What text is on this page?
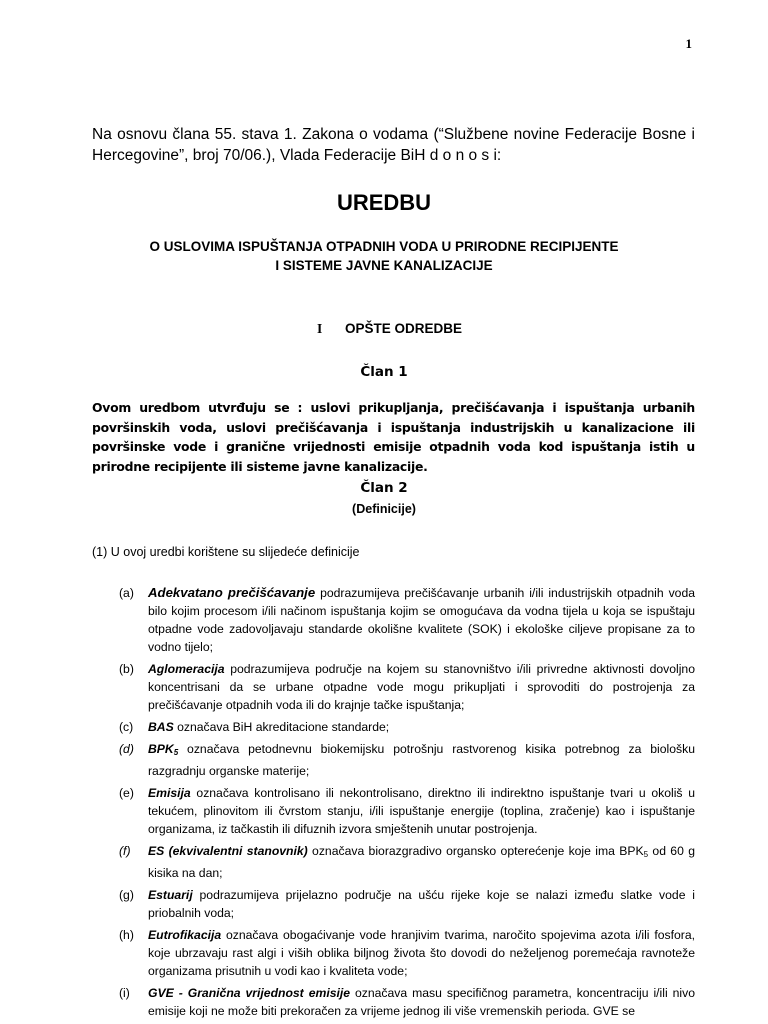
1
Na osnovu člana 55. stava 1. Zakona o vodama (“Službene novine Federacije Bosne i Hercegovine”, broj 70/06.), Vlada Federacije BiH d o n o s i:
UREDBU
O USLOVIMA ISPUŠTANJA OTPADNIH VODA U PRIRODNE RECIPIJENTE
I SISTEME JAVNE KANALIZACIJE
I OPŠTE ODREDBE
Član 1
Ovom uredbom utvrđuju se : uslovi prikupljanja, prečišćavanja i ispuštanja urbanih površinskih voda, uslovi prečišćavanja i ispuštanja industrijskih u kanalizacione ili površinske vode i granične vrijednosti emisije otpadnih voda kod ispuštanja istih u prirodne recipijente ili sisteme javne kanalizacije.
Član 2
(Definicije)
(1) U ovoj uredbi korištene su slijedeće definicije
(a) Adekvatano prečišćavanje podrazumijeva prečišćavanje urbanih i/ili industrijskih otpadnih voda bilo kojim procesom i/ili načinom ispuštanja kojim se omogućava da vodna tijela u koja se ispuštaju otpadne vode zadovoljavaju standarde okolišne kvalitete (SOK) i ekološke ciljeve propisane za to vodno tijelo;
(b) Aglomeracija podrazumijeva područje na kojem su stanovništvo i/ili privredne aktivnosti dovoljno koncentrisani da se urbane otpadne vode mogu prikupljati i sprovoditi do postrojenja za prečišćavanje otpadnih voda ili do krajnje tačke ispuštanja;
(c) BAS označava BiH akreditacione standarde;
(d) $BPK_5$ označava petodnevnu biokemijsku potrošnju rastvorenog kisika potrebnog za biološku razgradnju organske materije;
(e) Emisija označava kontrolisano ili nekontrolisano, direktno ili indirektno ispuštanje tvari u okoliš u tekućem, plinovitom ili čvrstom stanju, i/ili ispuštanje energije (toplina, zračenje) kao i ispuštanje organizama, iz tačkastih ili difuznih izvora smještenih unutar postrojenja.
(f) ES (ekvivalentni stanovnik) označava biorazgradivo organsko opterećenje koje ima $BPK_5$ od 60 g kisika na dan;
(g) Estuarij podrazumijeva prijelazno područje na ušću rijeke koje se nalazi između slatke vode i priobalnih voda;
(h) Eutrofikacija označava obogaćivanje vode hranjivim tvarima, naročito spojevima azota i/ili fosfora, koje ubrzavaju rast algi i viših oblika biljnog života što dovodi do neželjenog poremećaja ravnoteže organizama prisutnih u vodi kao i kvaliteta vode;
(i) GVE - Granična vrijednost emisije označava masu specifičnog parametra, koncentraciju i/ili nivo emisije koji ne može biti prekoračen za vrijeme jednog ili više vremenskih perioda. GVE se
